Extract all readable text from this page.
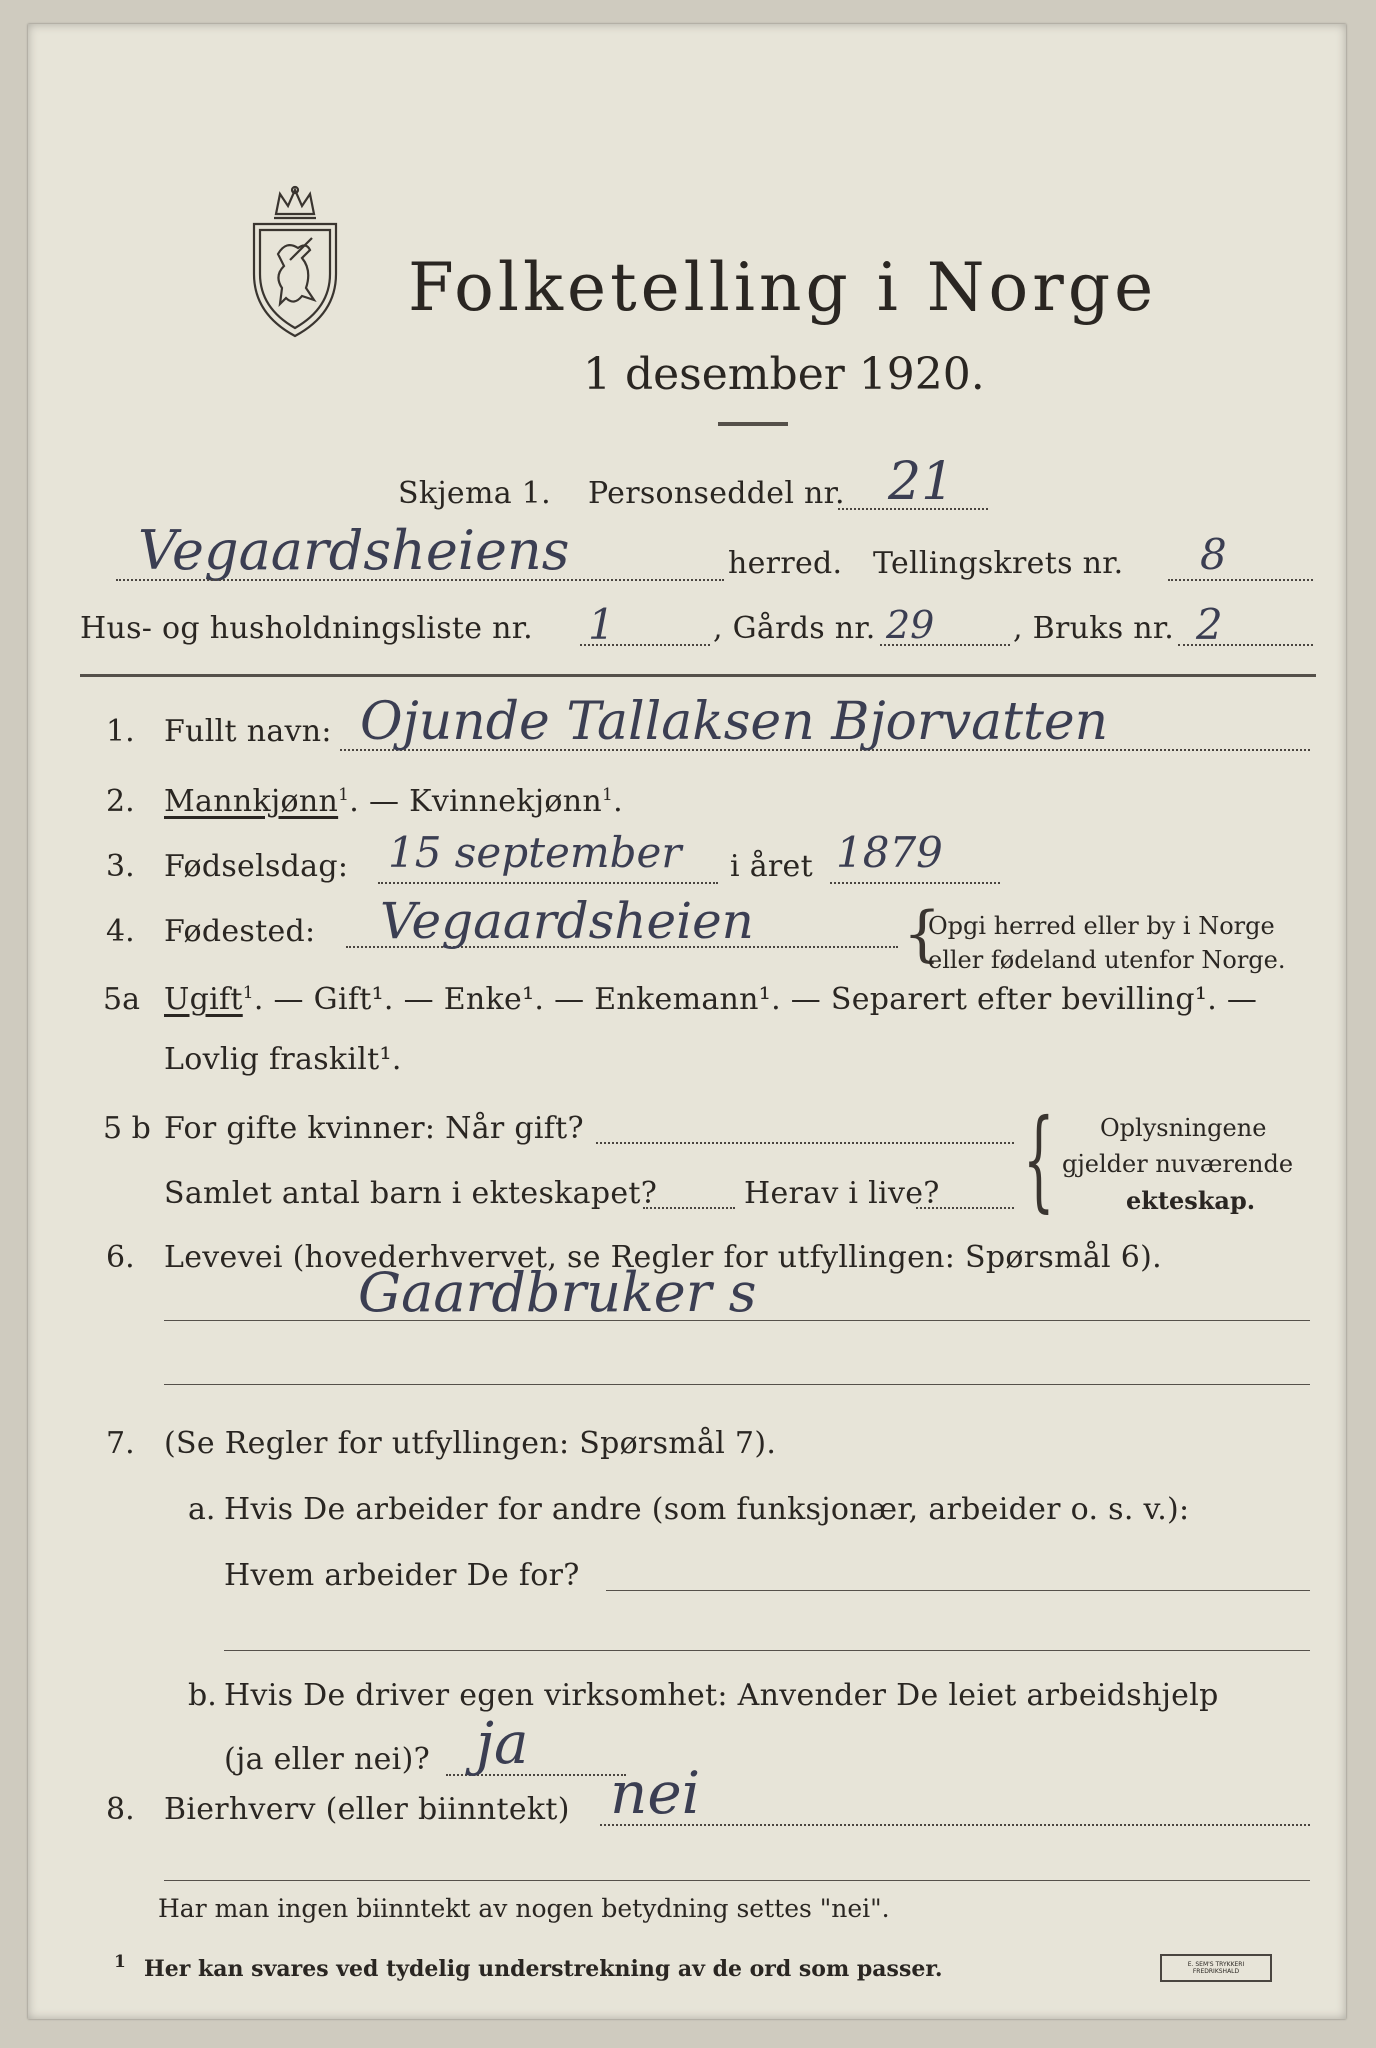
Folketelling i Norge
1 desember 1920.
Skjema 1. Personseddel nr. 21
Vegaardsheiens	herred. Tellingskrets nr. 8
Hus- og husholdningsliste nr. 1	, Gårds nr. 29	, Bruks nr. 2
1. Fullt navn: Ojunde Tallaksen Bjorvatten
2. Mannkjønn$^1$. — Kvinnekjønn$^1$.
3. Fødselsdag: 15 september i året 1879
4. Fødested: Vegaardsheien {
Opgi herred eller by i Norge
eller fødeland utenfor Norge.
5a Ugift$^1$. — Gift¹. — Enke¹. — Enkemann¹. — Separert efter bevilling¹. —
Lovlig fraskilt¹.
5 b For gifte kvinner: Når gift?
Samlet antal barn i ekteskapet?	Herav i live? { Oplysningene
gjelder nuværende
ekteskap.
6. Levevei (hovederhvervet, se Regler for utfyllingen: Spørsmål 6).
Gaardbruker s
7. (Se Regler for utfyllingen: Spørsmål 7).
a. Hvis De arbeider for andre (som funksjonær, arbeider o. s. v.):
Hvem arbeider De for?
b. Hvis De driver egen virksomhet: Anvender De leiet arbeidshjelp
(ja eller nei)? ja
8. Bierhverv (eller biinntekt) nei
Har man ingen biinntekt av nogen betydning settes "nei".
1 Her kan svares ved tydelig understrekning av de ord som passer.	E. SEM'S TRYKKERI FREDRIKSHALD
